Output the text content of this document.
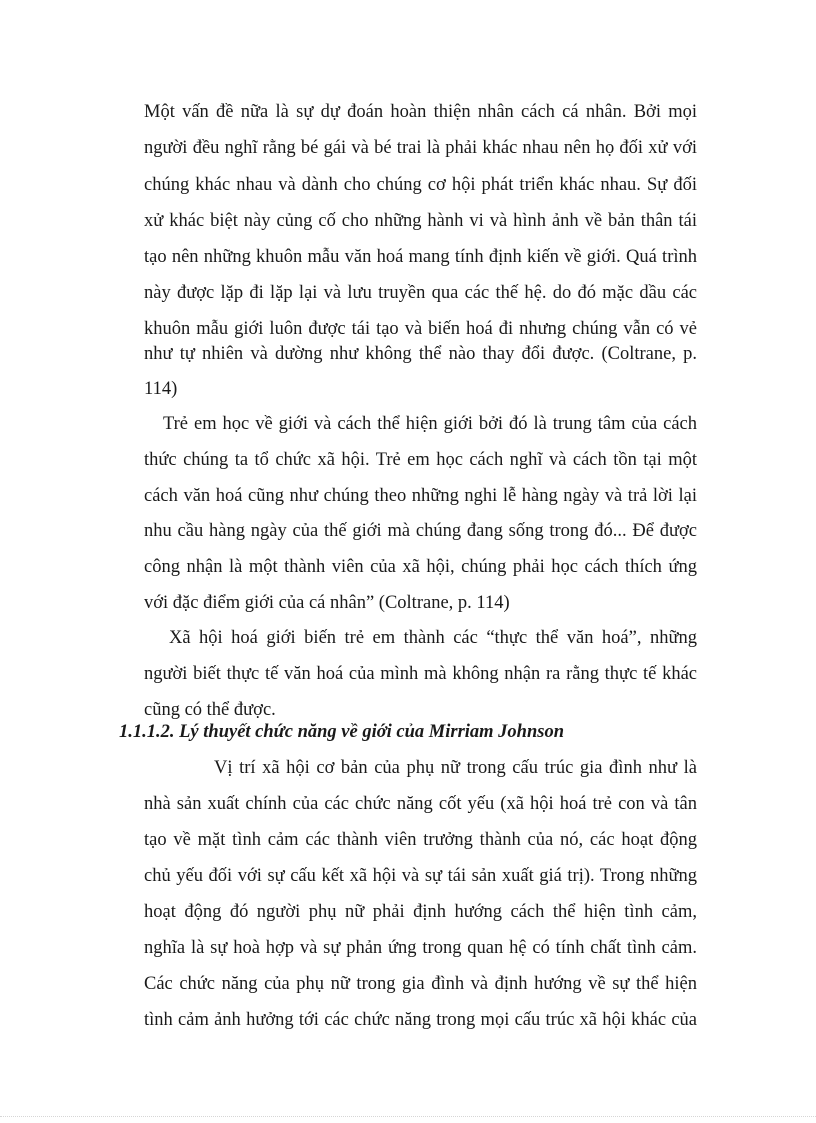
Một vấn đề nữa là sự dự đoán hoàn thiện nhân cách cá nhân. Bởi mọi
người đều nghĩ rằng bé gái và bé trai là phải khác nhau nên họ đối xử với
chúng khác nhau và dành cho chúng cơ hội phát triển khác nhau. Sự đối
xử khác biệt này củng cố cho những hành vi và hình ảnh về bản thân tái
tạo nên những khuôn mẫu văn hoá mang tính định kiến về giới. Quá trình
này được lặp đi lặp lại và lưu truyền qua các thế hệ. do đó mặc dầu các
khuôn mẫu giới luôn được tái tạo và biến hoá đi nhưng chúng vẫn có vẻ
như tự nhiên và dường như không thể nào thay đổi được. (Coltrane, p.
114)
Trẻ em học về giới và cách thể hiện giới bởi đó là trung tâm của cách
thức chúng ta tổ chức xã hội. Trẻ em học cách nghĩ và cách tồn tại một
cách văn hoá cũng như chúng theo những nghi lễ hàng ngày và trả lời lại
nhu cầu hàng ngày của thế giới mà chúng đang sống trong đó... Để được
công nhận là một thành viên của xã hội, chúng phải học cách thích ứng
với đặc điểm giới của cá nhân” (Coltrane, p. 114)
Xã hội hoá giới biến trẻ em thành các “thực thể văn hoá”, những
người biết thực tế văn hoá của mình mà không nhận ra rằng thực tế khác
cũng có thể được.
1.1.1.2. Lý thuyết chức năng về giới của Mirriam Johnson
Vị trí xã hội cơ bản của phụ nữ trong cấu trúc gia đình như là
nhà sản xuất chính của các chức năng cốt yếu (xã hội hoá trẻ con và tân
tạo về mặt tình cảm các thành viên trưởng thành của nó, các hoạt động
chủ yếu đối với sự cấu kết xã hội và sự tái sản xuất giá trị). Trong những
hoạt động đó người phụ nữ phải định hướng cách thể hiện tình cảm,
nghĩa là sự hoà hợp và sự phản ứng trong quan hệ có tính chất tình cảm.
Các chức năng của phụ nữ trong gia đình và định hướng về sự thể hiện
tình cảm ảnh hưởng tới các chức năng trong mọi cấu trúc xã hội khác của
